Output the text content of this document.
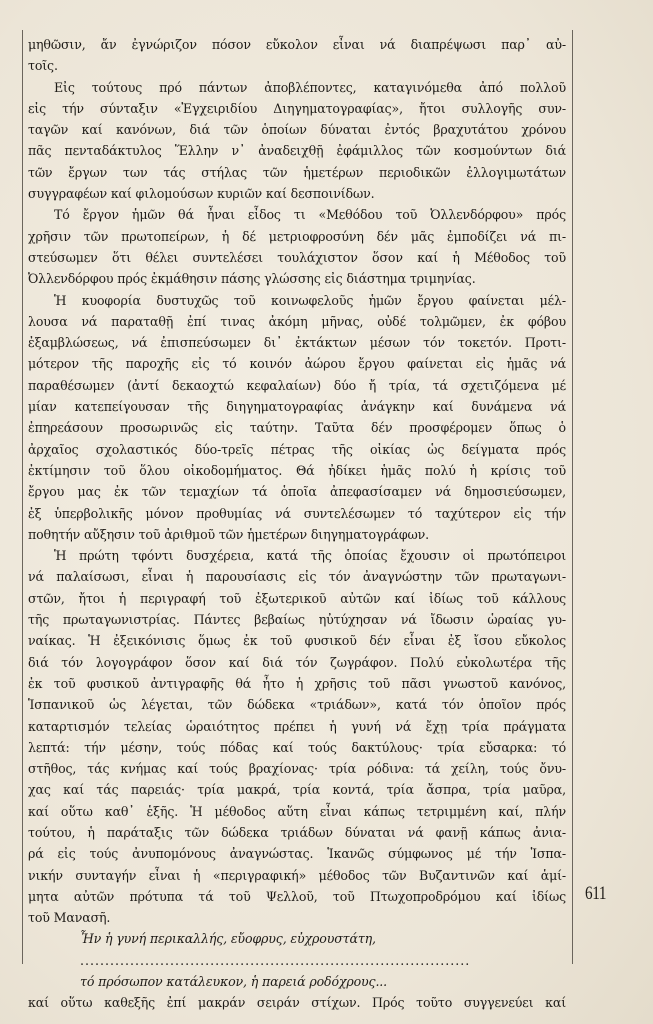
μηθῶσιν, ἄν ἐγνώριζον πόσον εὔκολον εἶναι νά διαπρέψωσι παρ᾽ αὐ-
τοῖς.
Εἰς τούτους πρό πάντων ἀποβλέποντες, καταγινόμεθα ἀπό πολλοῦ
εἰς τήν σύνταξιν «Ἐγχειριδίου Διηγηματογραφίας», ἤτοι συλλογῆς συν-
ταγῶν καί κανόνων, διά τῶν ὁποίων δύναται ἐντός βραχυτάτου χρόνου
πᾶς πενταδάκτυλος Ἕλλην ν᾽ ἀναδειχθῇ ἐφάμιλλος τῶν κοσμούντων διά
τῶν ἔργων των τάς στήλας τῶν ἡμετέρων περιοδικῶν ἐλλογιμωτάτων
συγγραφέων καί φιλομούσων κυριῶν καί δεσποινίδων.
Τό ἔργον ἡμῶν θά ἦναι εἶδος τι «Μεθόδου τοῦ Ὀλλενδόρφου» πρός
χρῆσιν τῶν πρωτοπείρων, ἡ δέ μετριοφροσύνη δέν μᾶς ἐμποδίζει νά πι-
στεύσωμεν ὅτι θέλει συντελέσει τουλάχιστον ὅσον καί ἡ Μέθοδος τοῦ
Ὀλλενδόρφου πρός ἐκμάθησιν πάσης γλώσσης εἰς διάστημα τριμηνίας.
Ἡ κυοφορία δυστυχῶς τοῦ κοινωφελοῦς ἡμῶν ἔργου φαίνεται μέλ-
λουσα νά παραταθῇ ἐπί τινας ἀκόμη μῆνας, οὐδέ τολμῶμεν, ἐκ φόβου
ἐξαμβλώσεως, νά ἐπισπεύσωμεν δι᾽ ἐκτάκτων μέσων τόν τοκετόν. Προτι-
μότερον τῆς παροχῆς εἰς τό κοινόν ἀώρου ἔργου φαίνεται εἰς ἡμᾶς νά
παραθέσωμεν (ἀντί δεκαοχτώ κεφαλαίων) δύο ἤ τρία, τά σχετιζόμενα μέ
μίαν κατεπείγουσαν τῆς διηγηματογραφίας ἀνάγκην καί δυνάμενα νά
ἐπηρεάσουν προσωρινῶς εἰς ταύτην. Ταῦτα δέν προσφέρομεν ὅπως ὁ
ἀρχαῖος σχολαστικός δύο-τρεῖς πέτρας τῆς οἰκίας ὡς δείγματα πρός
ἐκτίμησιν τοῦ ὅλου οἰκοδομήματος. Θά ἠδίκει ἡμᾶς πολύ ἡ κρίσις τοῦ
ἔργου μας ἐκ τῶν τεμαχίων τά ὁποῖα ἀπεφασίσαμεν νά δημοσιεύσωμεν,
ἐξ ὑπερβολικῆς μόνον προθυμίας νά συντελέσωμεν τό ταχύτερον εἰς τήν
ποθητήν αὔξησιν τοῦ ἀριθμοῦ τῶν ἡμετέρων διηγηματογράφων.
Ἡ πρώτη τφόντι δυσχέρεια, κατά τῆς ὁποίας ἔχουσιν οἱ πρωτόπειροι
νά παλαίσωσι, εἶναι ἡ παρουσίασις εἰς τόν ἀναγνώστην τῶν πρωταγωνι-
στῶν, ἤτοι ἡ περιγραφή τοῦ ἐξωτερικοῦ αὐτῶν καί ἰδίως τοῦ κάλλους
τῆς πρωταγωνιστρίας. Πάντες βεβαίως ηὐτύχησαν νά ἴδωσιν ὡραίας γυ-
ναίκας. Ἡ ἐξεικόνισις ὅμως ἐκ τοῦ φυσικοῦ δέν εἶναι ἐξ ἴσου εὔκολος
διά τόν λογογράφον ὅσον καί διά τόν ζωγράφον. Πολύ εὐκολωτέρα τῆς
ἐκ τοῦ φυσικοῦ ἀντιγραφῆς θά ἦτο ἡ χρῆσις τοῦ πᾶσι γνωστοῦ κανόνος,
Ἱσπανικοῦ ὡς λέγεται, τῶν δώδεκα «τριάδων», κατά τόν ὁποῖον πρός
καταρτισμόν τελείας ὡραιότητος πρέπει ἡ γυνή νά ἔχῃ τρία πράγματα
λεπτά: τήν μέσην, τούς πόδας καί τούς δακτύλους· τρία εὔσαρκα: τό
στῆθος, τάς κνήμας καί τούς βραχίονας· τρία ρόδινα: τά χείλη, τούς ὄνυ-
χας καί τάς παρειάς· τρία μακρά, τρία κοντά, τρία ἄσπρα, τρία μαῦρα,
καί οὕτω καθ᾽ ἑξῆς. Ἡ μέθοδος αὕτη εἶναι κάπως τετριμμένη καί, πλήν
τούτου, ἡ παράταξις τῶν δώδεκα τριάδων δύναται νά φανῇ κάπως ἀνια-
ρά εἰς τούς ἀνυπομόνους ἀναγνώστας. Ἱκανῶς σύμφωνος μέ τήν Ἱσπα-
νικήν συνταγήν εἶναι ἡ «περιγραφική» μέθοδος τῶν Βυζαντινῶν καί ἁμί-
μητα αὐτῶν πρότυπα τά τοῦ Ψελλοῦ, τοῦ Πτωχοπροδρόμου καί ἰδίως
τοῦ Μανασῆ.
Ἦν ἡ γυνή περικαλλής, εὔοφρυς, εὐχρουστάτη,
..............................................................................
τό πρόσωπον κατάλευκον, ἡ παρειά ροδόχρους...
καί οὕτω καθεξῆς ἐπί μακράν σειράν στίχων. Πρός τοῦτο συγγενεύει καί
611
